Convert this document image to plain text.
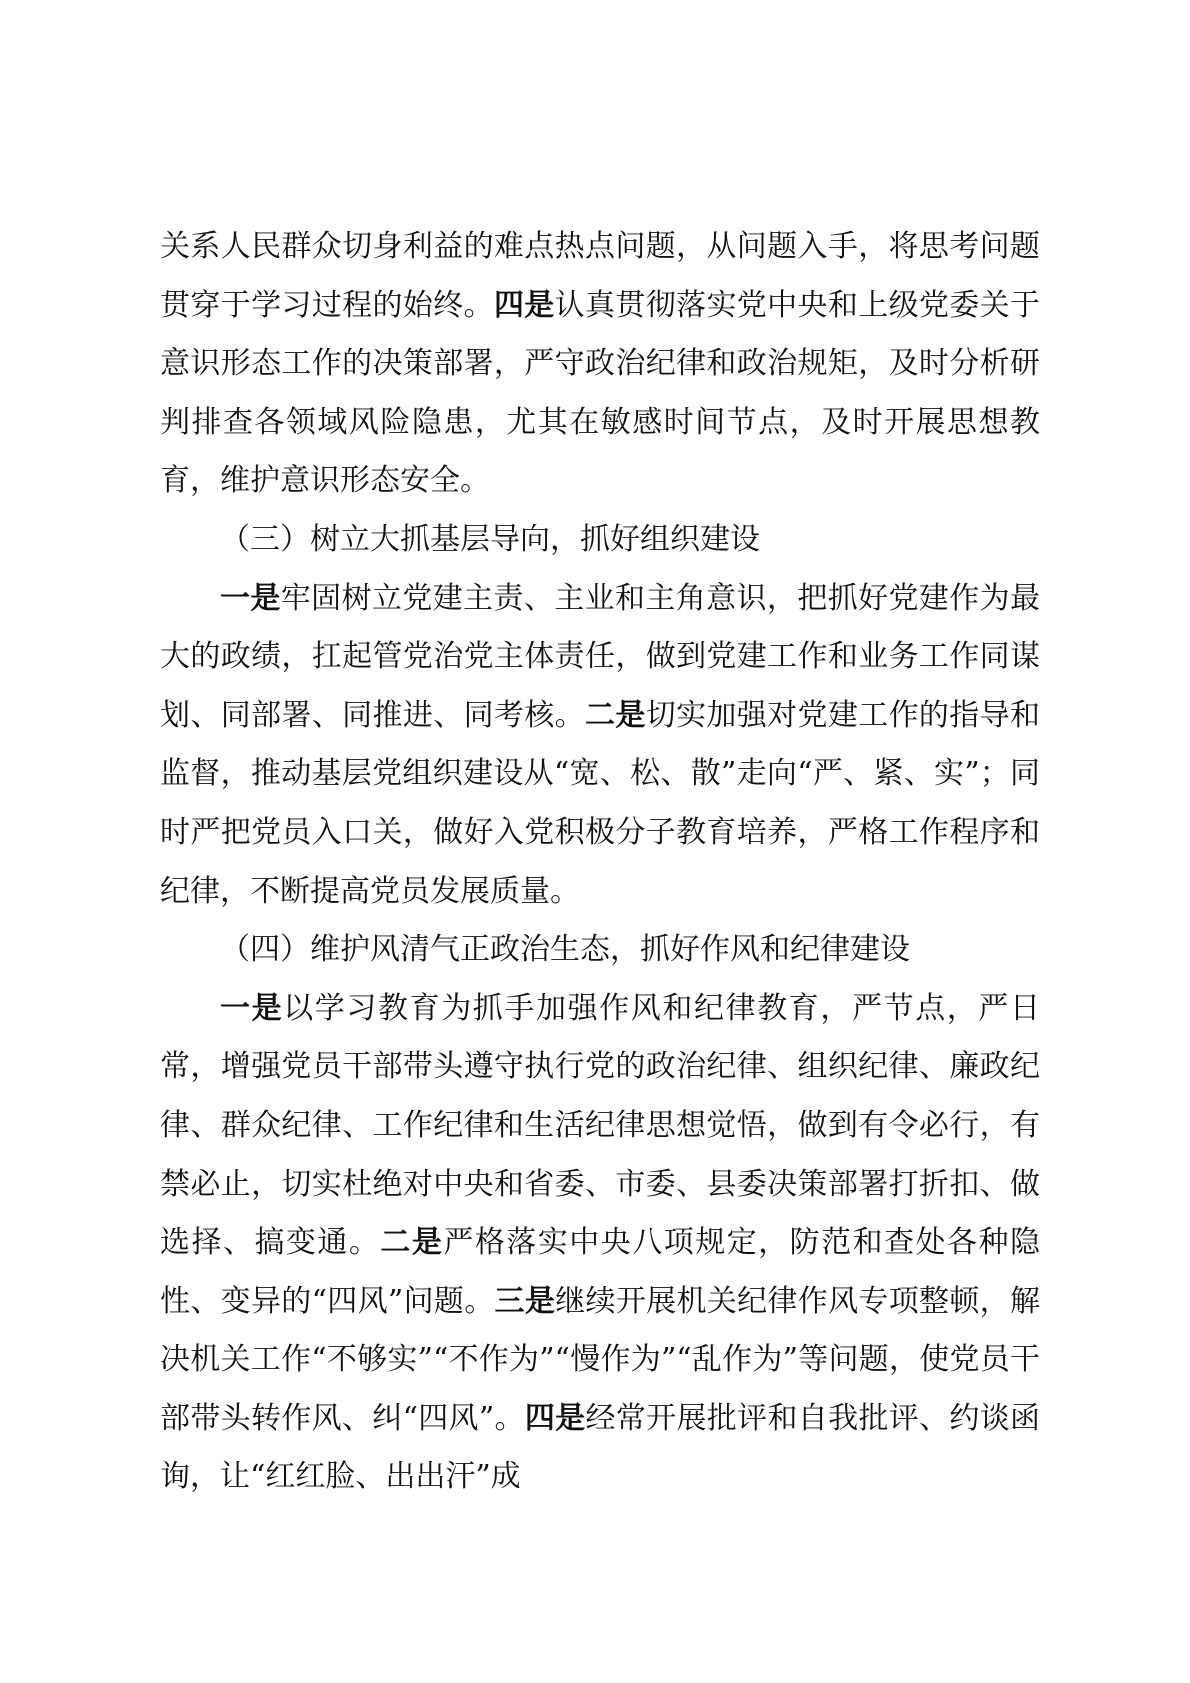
关系人民群众切身利益的难点热点问题，从问题入手，将思考问题贯穿于学习过程的始终。四是认真贯彻落实党中央和上级党委关于意识形态工作的决策部署，严守政治纪律和政治规矩，及时分析研判排查各领域风险隐患，尤其在敏感时间节点，及时开展思想教育，维护意识形态安全。

（三）树立大抓基层导向，抓好组织建设

一是牢固树立党建主责、主业和主角意识，把抓好党建作为最大的政绩，扛起管党治党主体责任，做到党建工作和业务工作同谋划、同部署、同推进、同考核。二是切实加强对党建工作的指导和监督，推动基层党组织建设从“宽、松、散”走向“严、紧、实”；同时严把党员入口关，做好入党积极分子教育培养，严格工作程序和纪律，不断提高党员发展质量。

（四）维护风清气正政治生态，抓好作风和纪律建设

一是以学习教育为抓手加强作风和纪律教育，严节点，严日常，增强党员干部带头遵守执行党的政治纪律、组织纪律、廉政纪律、群众纪律、工作纪律和生活纪律思想觉悟，做到有令必行，有禁必止，切实杜绝对中央和省委、市委、县委决策部署打折扣、做选择、搞变通。二是严格落实中央八项规定，防范和查处各种隐性、变异的“四风”问题。三是继续开展机关纪律作风专项整顿，解决机关工作“不够实”“不作为”“慢作为”“乱作为”等问题，使党员干部带头转作风、纠“四风”。四是经常开展批评和自我批评、约谈函询，让“红红脸、出出汗”成
